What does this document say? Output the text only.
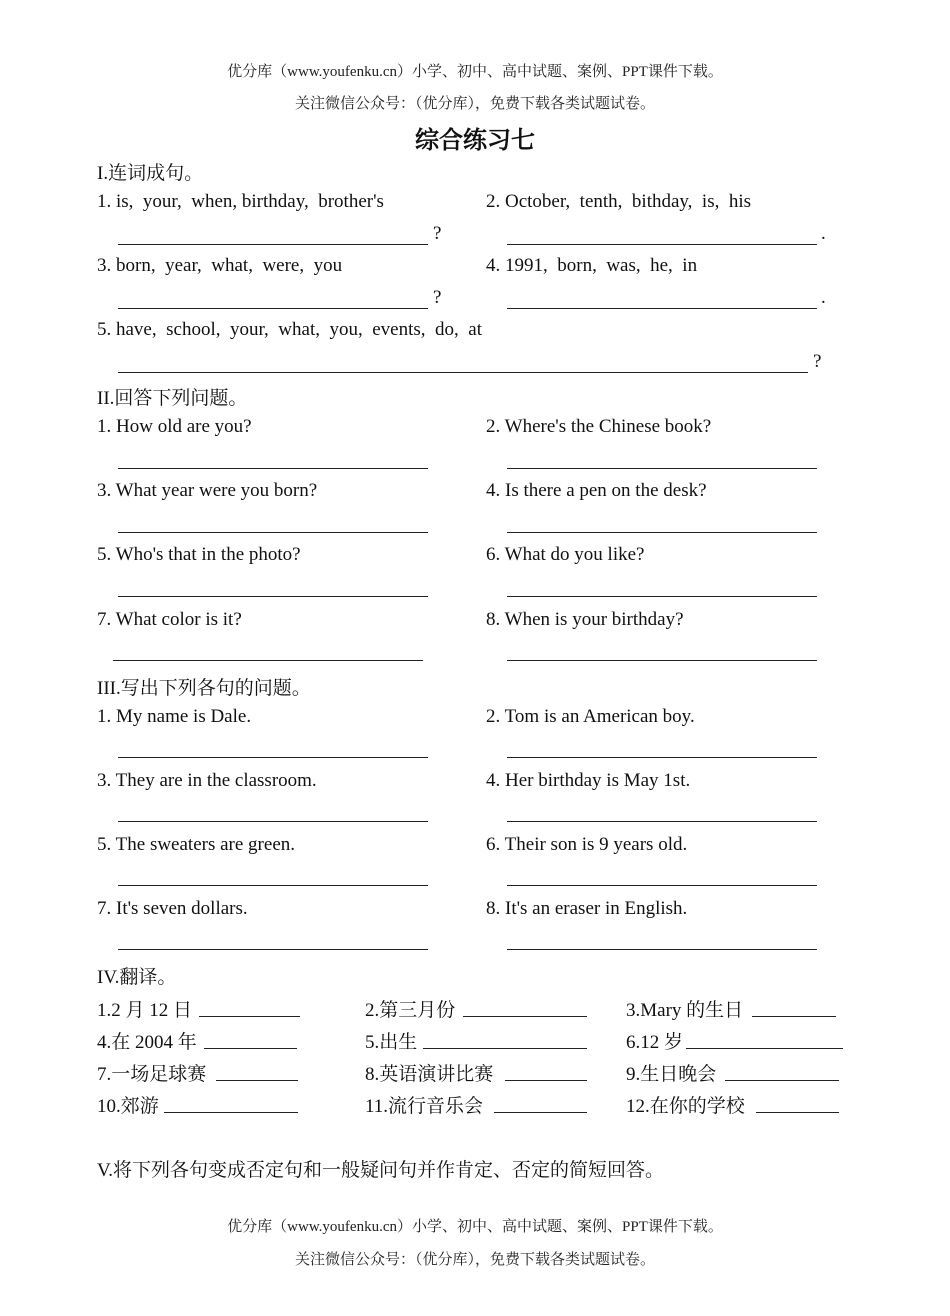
优分库（www.youfenku.cn）小学、初中、高中试题、案例、PPT课件下载。
关注微信公众号：（优分库），免费下载各类试题试卷。
综合练习七
I.连词成句。
1. is,  your,  when, birthday,  brother's	2. October,  tenth,  bithday,  is,  his
?	.
3. born,  year,  what,  were,  you	4. 1991,  born,  was,  he,  in
?	.
5. have,  school,  your,  what,  you,  events,  do,  at
?
II.回答下列问题。
1. How old are you?	2. Where's the Chinese book?
3. What year were you born?	4. Is there a pen on the desk?
5. Who's that in the photo?	6. What do you like?
7. What color is it?	8. When is your birthday?
III.写出下列各句的问题。
1. My name is Dale.	2. Tom is an American boy.
3. They are in the classroom.	4. Her birthday is May 1st.
5. The sweaters are green.	6. Their son is 9 years old.
7. It's seven dollars.	8. It's an eraser in English.
IV.翻译。
1.2 月 12 日	2.第三月份	3.Mary 的生日
4.在 2004 年	5.出生	6.12 岁
7.一场足球赛	8.英语演讲比赛	9.生日晚会
10.郊游	11.流行音乐会	12.在你的学校
V.将下列各句变成否定句和一般疑问句并作肯定、否定的简短回答。
优分库（www.youfenku.cn）小学、初中、高中试题、案例、PPT课件下载。
关注微信公众号：（优分库），免费下载各类试题试卷。
